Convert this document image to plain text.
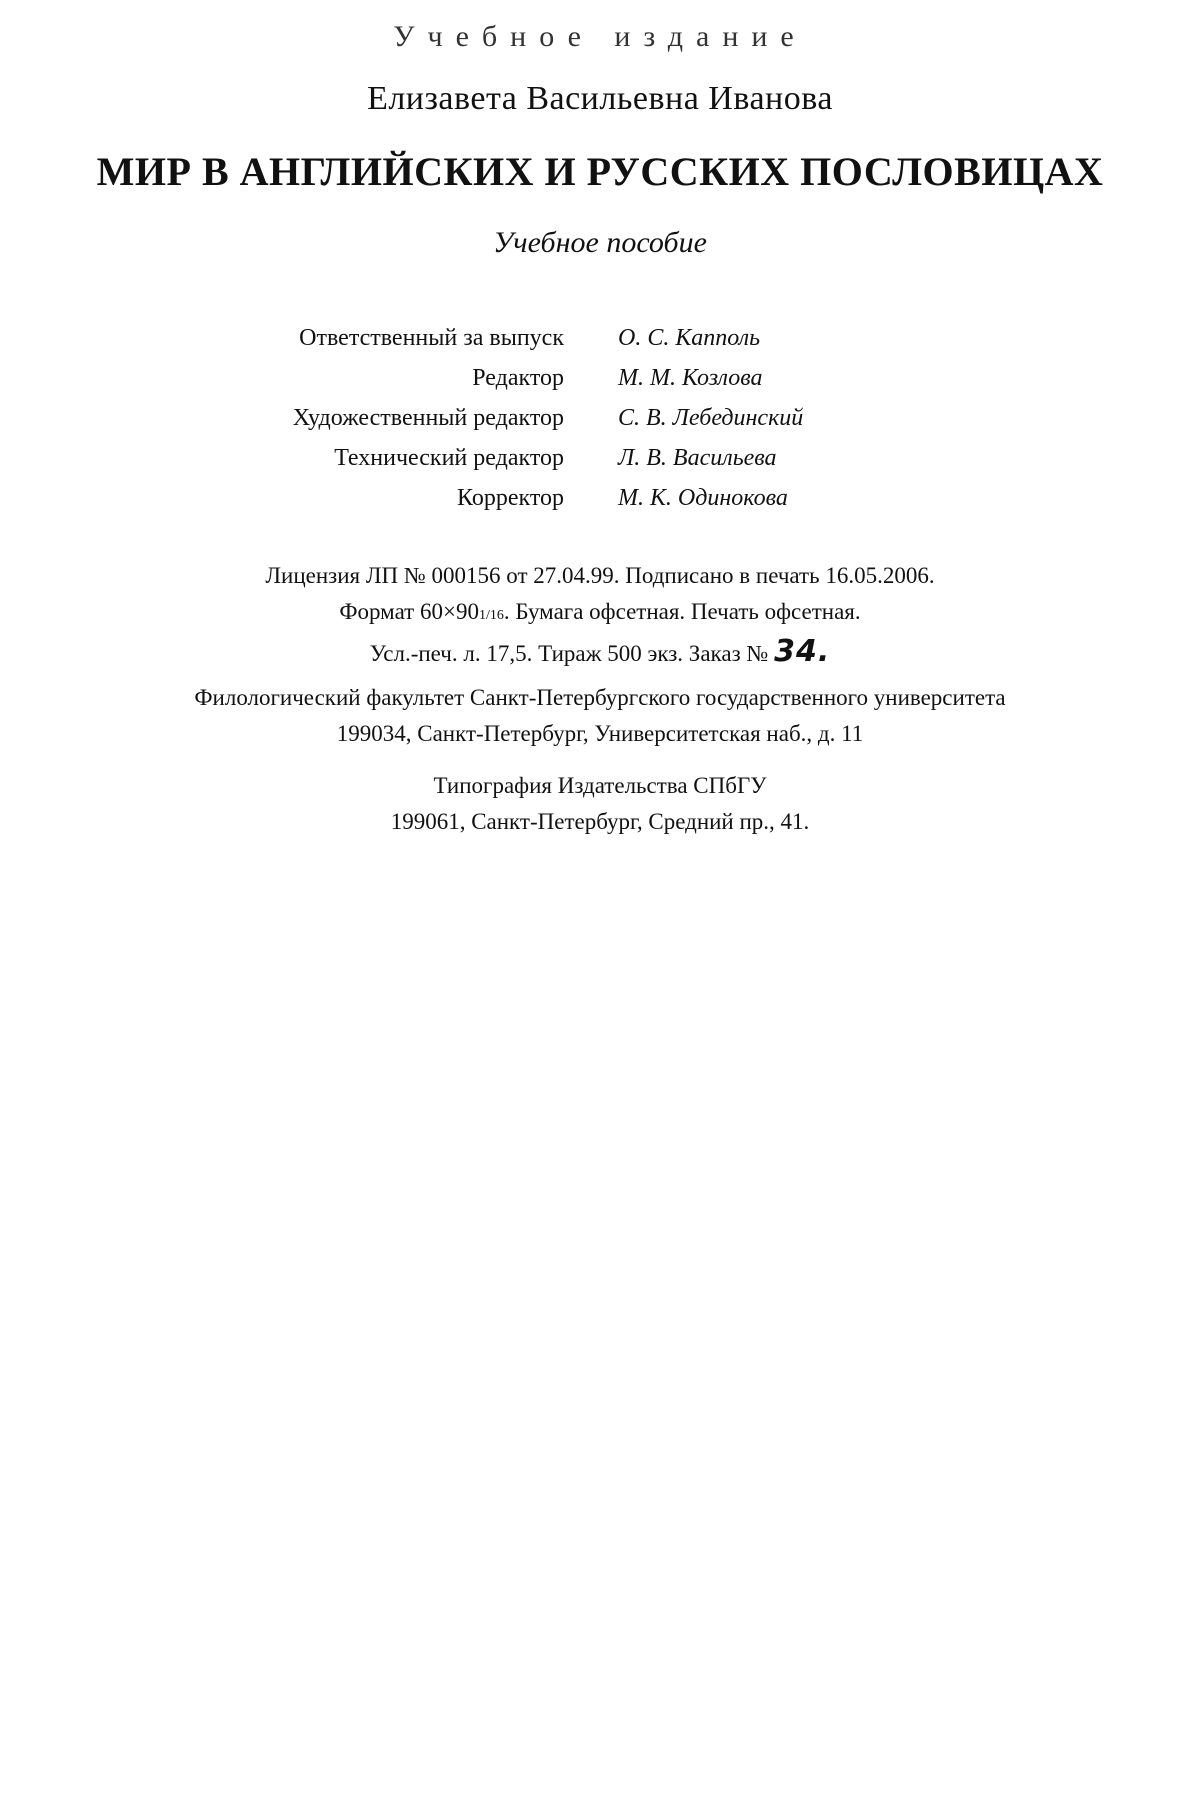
Учебное издание
Елизавета Васильевна Иванова
МИР В АНГЛИЙСКИХ И РУССКИХ ПОСЛОВИЦАХ
Учебное пособие
Ответственный за выпуск О. С. Капполь
Редактор М. М. Козлова
Художественный редактор С. В. Лебединский
Технический редактор Л. В. Васильева
Корректор М. К. Одинокова
Лицензия ЛП № 000156 от 27.04.99. Подписано в печать 16.05.2006.
Формат 60×901/16. Бумага офсетная. Печать офсетная.
Усл.-печ. л. 17,5. Тираж 500 экз. Заказ № 34.
Филологический факультет Санкт-Петербургского государственного университета
199034, Санкт-Петербург, Университетская наб., д. 11
Типография Издательства СПбГУ
199061, Санкт-Петербург, Средний пр., 41.
